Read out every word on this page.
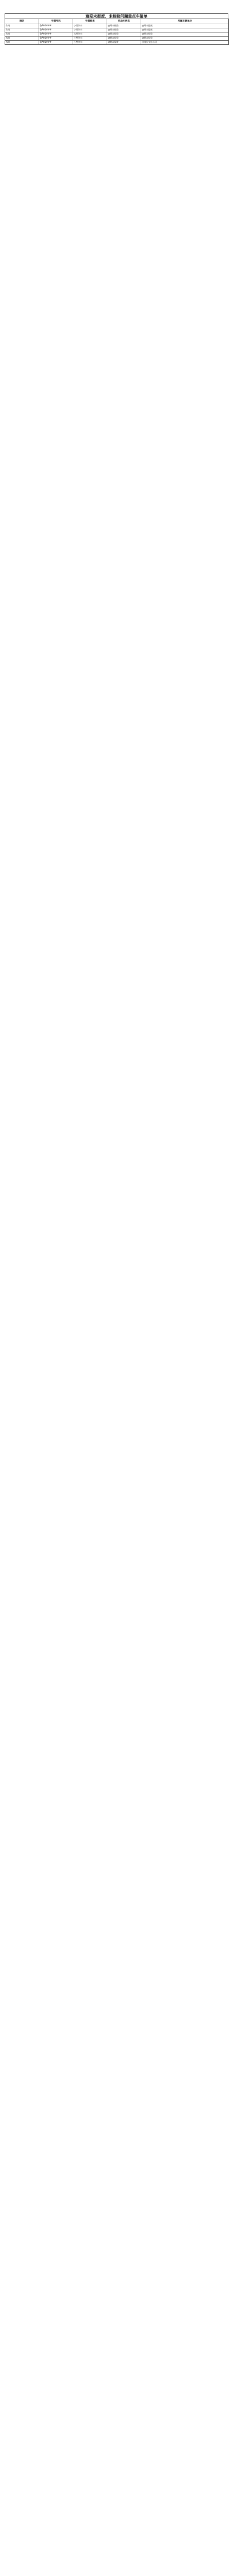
逾期未报废、未检验问题重点车清单
辖区	号牌号码	号牌种类	机动车状态	所属车辆单位
东站	鲁A01###	小型汽车	逾期未检验	逾期未报废
东站	鲁A01###	小型汽车	逾期未检验	逾期未报废
东站	鲁A01###	大型汽车	逾期未检验	逾期未检验
东站	鲁A01###	小型汽车	逾期未检验	逾期未检验
东站	鲁A01###	小型汽车	逾期未报废	济南公交总公司
